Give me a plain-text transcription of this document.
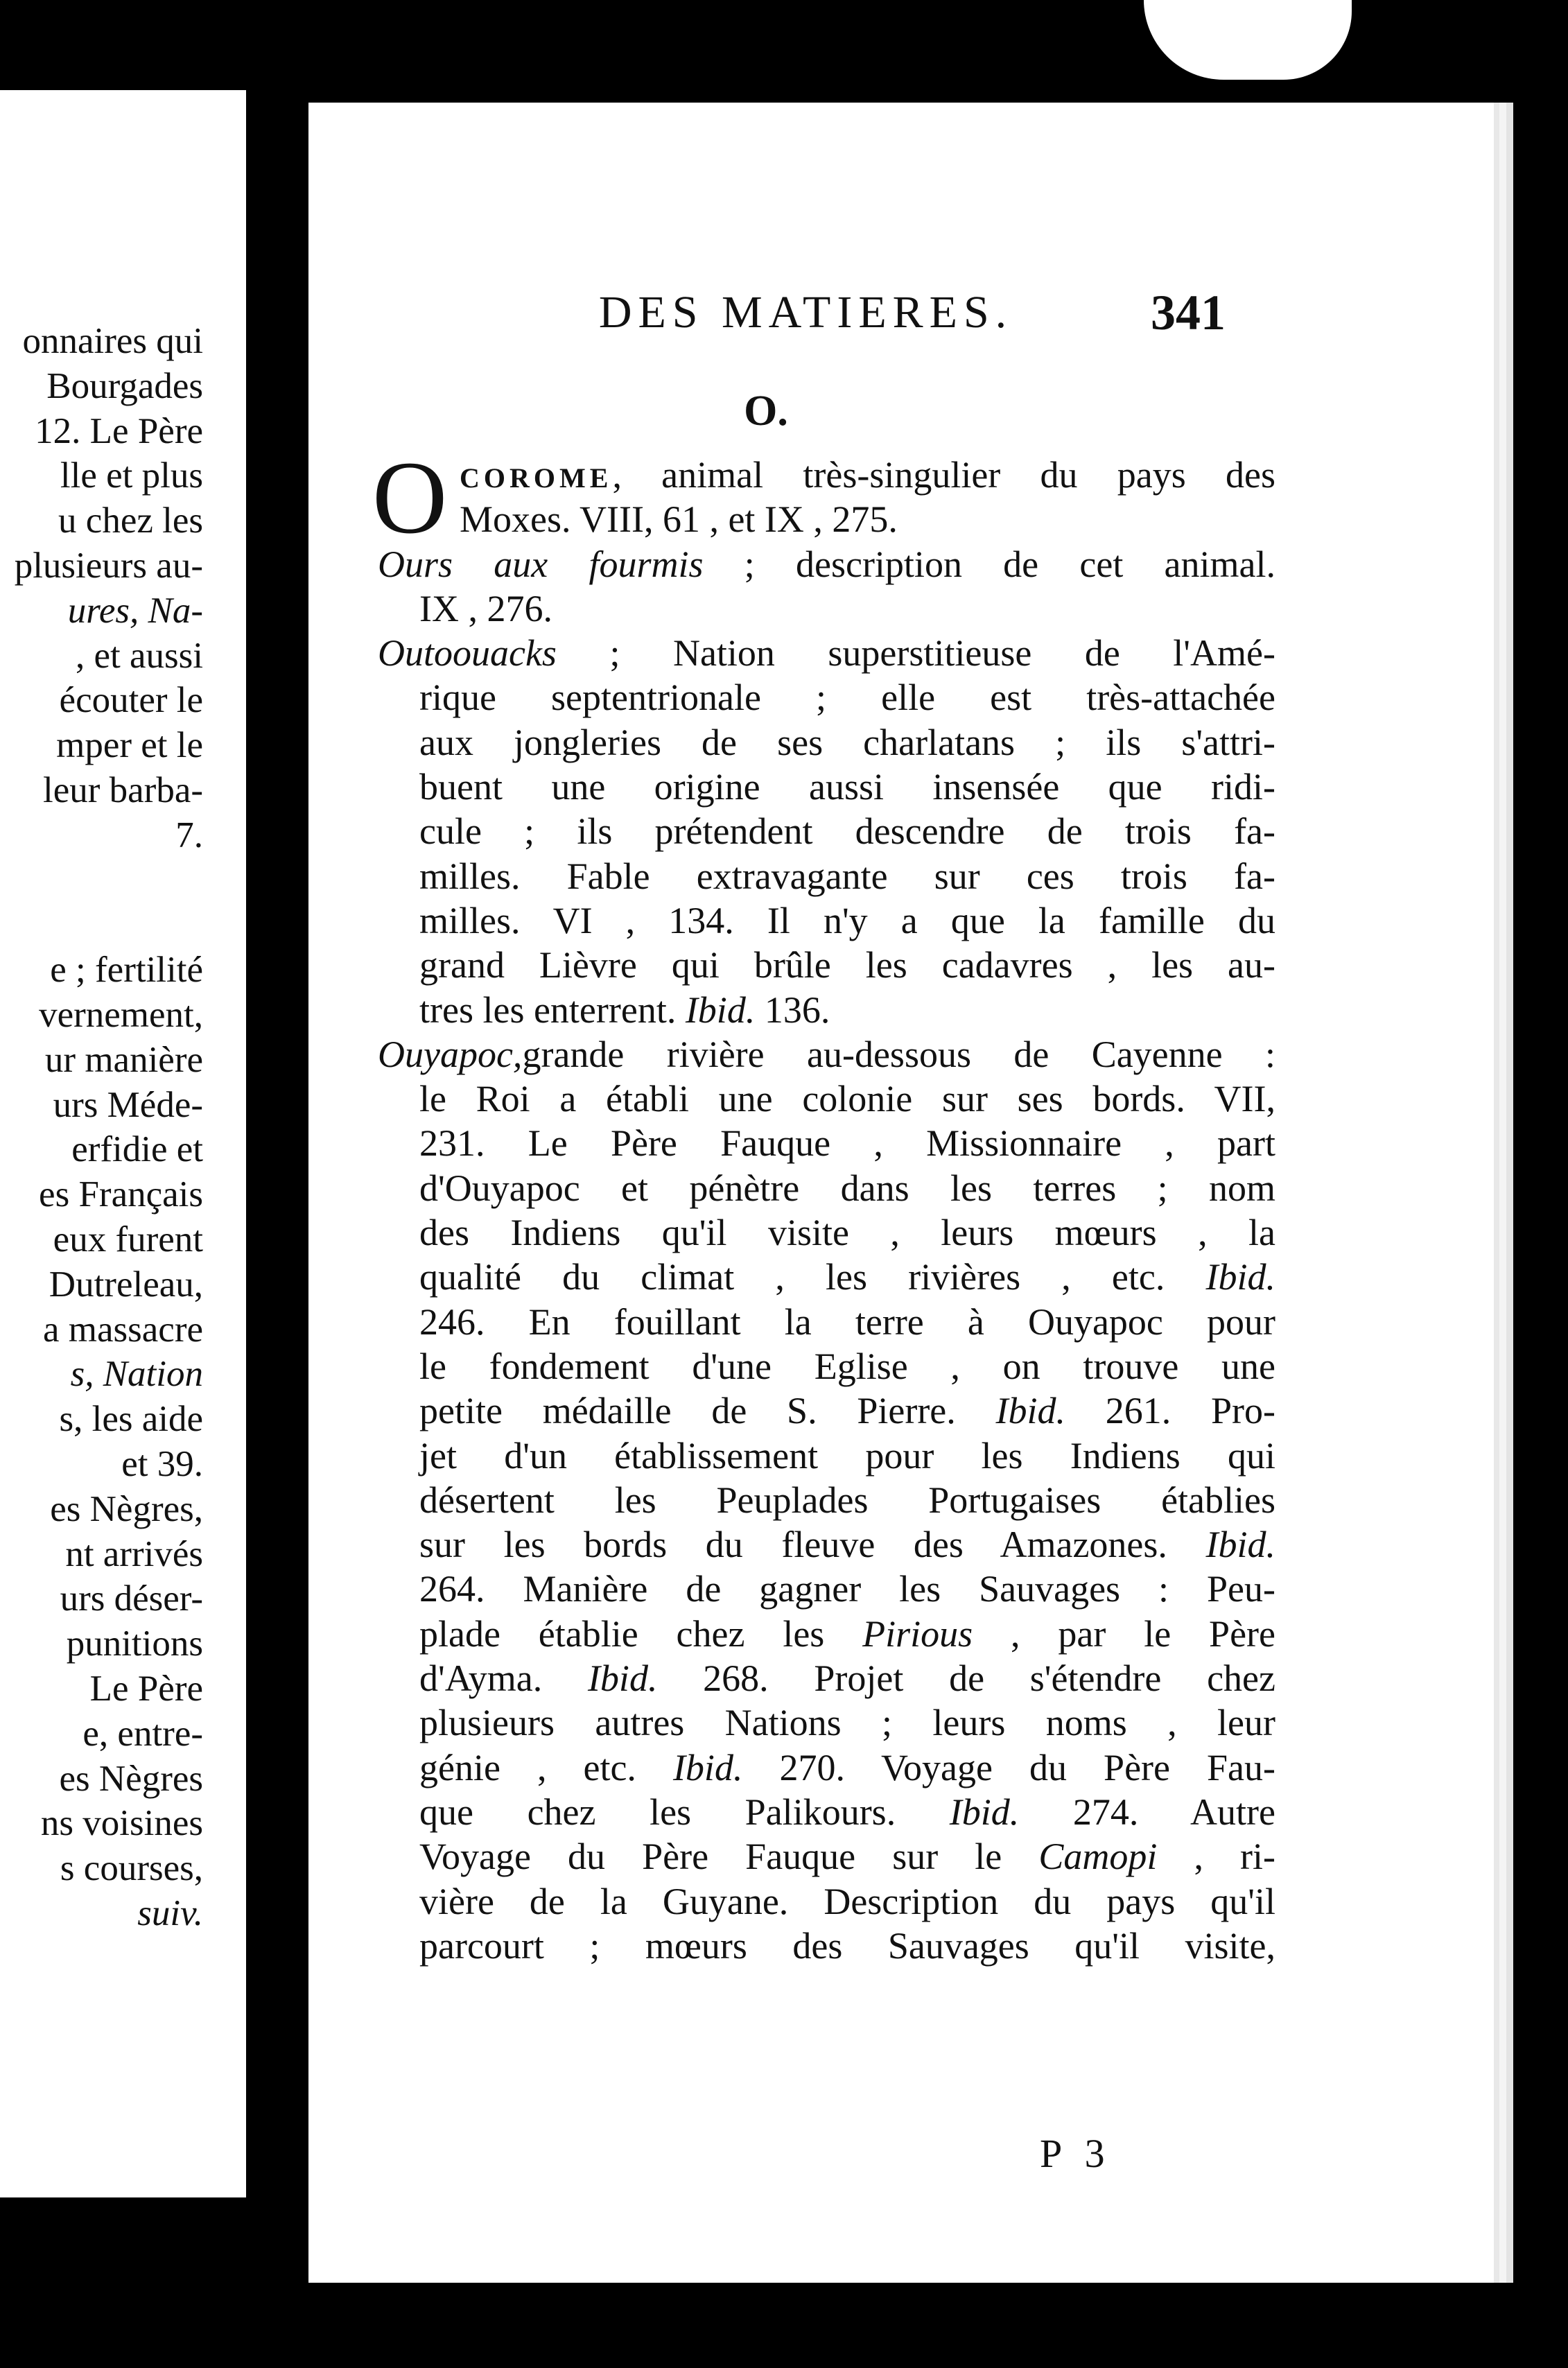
onnaires qui
Bourgades
12. Le Père
lle et plus
u chez les
plusieurs au-
ures, Na-
, et aussi
écouter le
mper et le
leur barba-
7.
e ; fertilité
vernement,
ur manière
urs Méde-
erfidie et
es Français
eux furent
Dutreleau,
a massacre
s, Nation
s, les aide
et 39.
es Nègres,
nt arrivés
urs déser-
punitions
Le Père
e, entre-
es Nègres
ns voisines
s courses,
suiv.
DES MATIERES.	341
O.
O COROME, animal très-singulier du pays des
Moxes. VIII, 61 , et IX , 275.
Ours aux fourmis ; description de cet animal.
IX , 276.
Outoouacks ; Nation superstitieuse de l'Amé-
rique septentrionale ; elle est très-attachée
aux jongleries de ses charlatans ; ils s'attri-
buent une origine aussi insensée que ridi-
cule ; ils prétendent descendre de trois fa-
milles. Fable extravagante sur ces trois fa-
milles. VI , 134. Il n'y a que la famille du
grand Lièvre qui brûle les cadavres , les au-
tres les enterrent. Ibid. 136.
Ouyapoc,grande rivière au-dessous de Cayenne :
le Roi a établi une colonie sur ses bords. VII,
231. Le Père Fauque , Missionnaire , part
d'Ouyapoc et pénètre dans les terres ; nom
des Indiens qu'il visite , leurs mœurs , la
qualité du climat , les rivières , etc. Ibid.
246. En fouillant la terre à Ouyapoc pour
le fondement d'une Eglise , on trouve une
petite médaille de S. Pierre. Ibid. 261. Pro-
jet d'un établissement pour les Indiens qui
désertent les Peuplades Portugaises établies
sur les bords du fleuve des Amazones. Ibid.
264. Manière de gagner les Sauvages : Peu-
plade établie chez les Pirious , par le Père
d'Ayma. Ibid. 268. Projet de s'étendre chez
plusieurs autres Nations ; leurs noms , leur
génie , etc. Ibid. 270. Voyage du Père Fau-
que chez les Palikours. Ibid. 274. Autre
Voyage du Père Fauque sur le Camopi , ri-
vière de la Guyane. Description du pays qu'il
parcourt ; mœurs des Sauvages qu'il visite,
P 3
